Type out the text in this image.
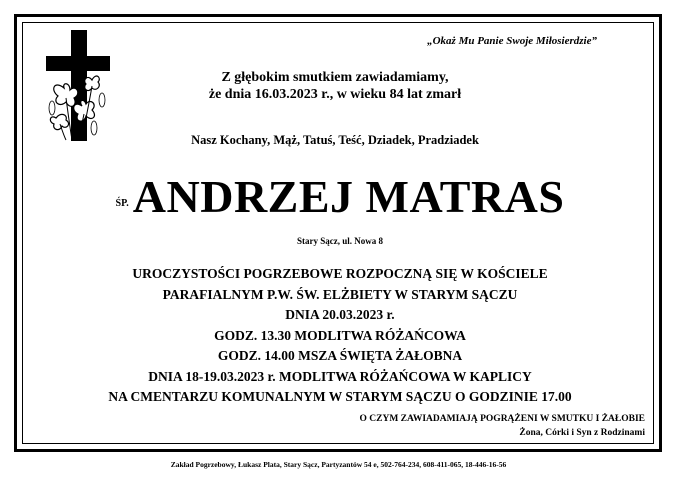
„Okaż Mu Panie Swoje Miłosierdzie”
Z głębokim smutkiem zawiadamiamy,
że dnia 16.03.2023 r., w wieku 84 lat zmarł
Nasz Kochany, Mąż, Tatuś, Teść, Dziadek, Pradziadek
$^{ŚP.}$ANDRZEJ MATRAS
Stary Sącz, ul. Nowa 8
UROCZYSTOŚCI POGRZEBOWE ROZPOCZNĄ SIĘ W KOŚCIELE
PARAFIALNYM P.W. ŚW. ELŻBIETY W STARYM SĄCZU
DNIA 20.03.2023 r.
GODZ. 13.30 MODLITWA RÓŻAŃCOWA
GODZ. 14.00 MSZA ŚWIĘTA ŻAŁOBNA
DNIA 18-19.03.2023 r. MODLITWA RÓŻAŃCOWA W KAPLICY
NA CMENTARZU KOMUNALNYM W STARYM SĄCZU O GODZINIE 17.00
O CZYM ZAWIADAMIAJĄ POGRĄŻENI W SMUTKU I ŻAŁOBIE
Żona, Córki i Syn z Rodzinami
Zakład Pogrzebowy, Łukasz Plata, Stary Sącz, Partyzantów 54 e, 502-764-234, 608-411-065, 18-446-16-56
